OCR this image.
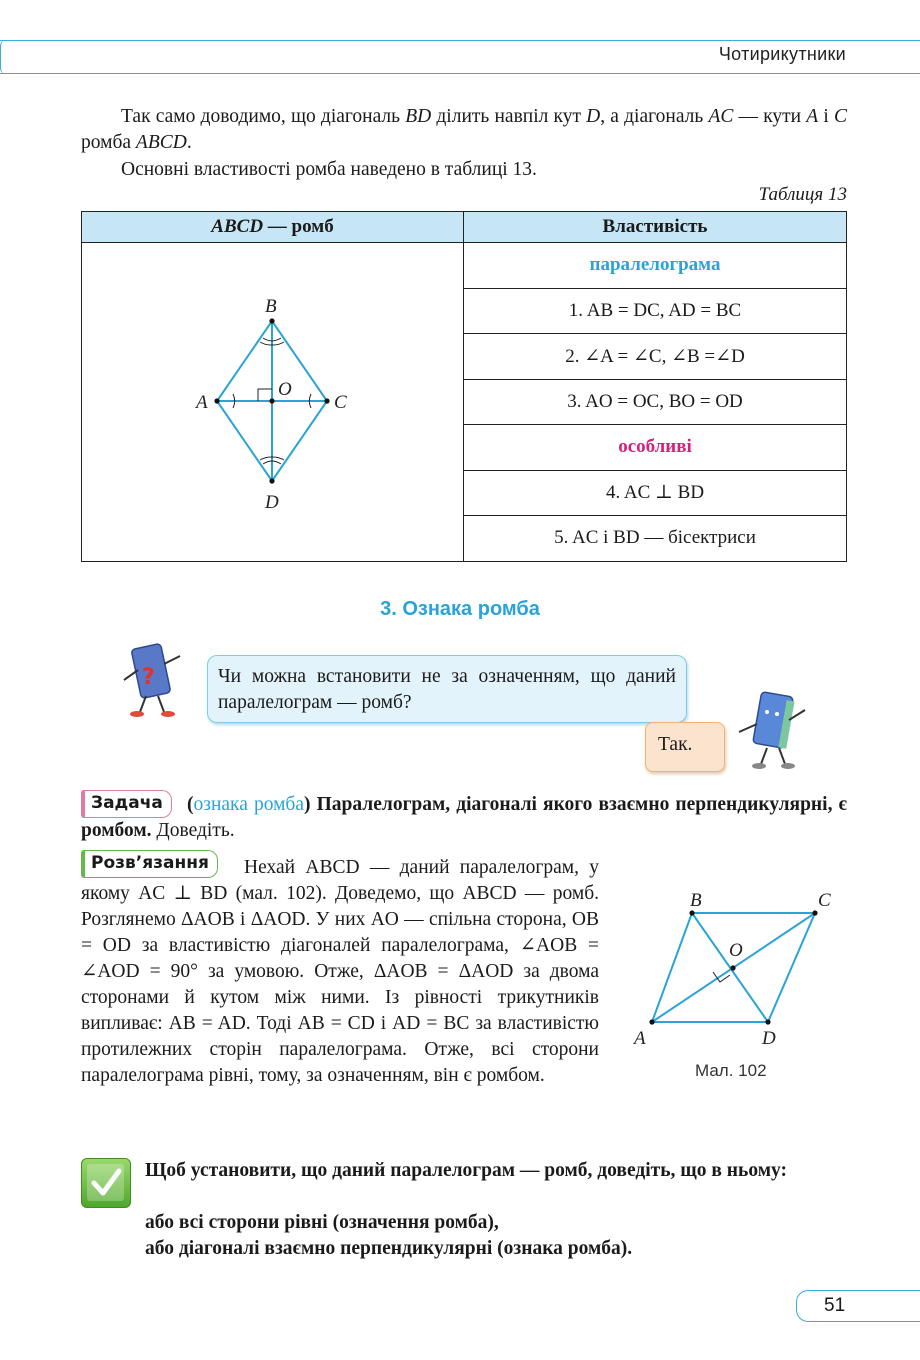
Чотирикутники
Так само доводимо, що діагональ BD ділить навпіл кут D, а діагональ AC — кути A і C ромба ABCD.
Основні властивості ромба наведено в таблиці 13.
Таблиця 13
ABCD — ромб	Властивість

B
A C
D
O	паралелограма
	1. AB = DC, AD = BC
	2. ∠A = ∠C, ∠B =∠D
	3. AO = OC, BO = OD
	особливі
	4. AC ⊥ BD
	5. AC і BD — бісектриси
3. Ознака ромба
?	Чи можна встановити не за означенням, що даний паралелограм — ромб?
Так.
Задача	(ознака ромба) Паралелограм, діагоналі якого взаємно перпендикулярні, є ромбом. Доведіть.
Розв’язання	Нехай ABCD — даний паралелограм, у якому AC ⊥ BD (мал. 102). Доведемо, що ABCD — ромб. Розглянемо ΔAOB і ΔAOD. У них AO — спільна сторона, OB = OD за властивістю діагоналей паралелограма, ∠AOB = ∠AOD = 90° за умовою. Отже, ΔAOB = ΔAOD за двома сторонами й кутом між ними. Із рівності трикутників випливає: AB = AD. Тоді AB = CD і AD = BC за властивістю протилежних сторін паралелограма. Отже, всі сторони паралелограма рівні, тому, за означенням, він є ромбом.
B	C
A	D
O
Мал. 102
Щоб установити, що даний паралелограм — ромб, доведіть, що в ньому:
або всі сторони рівні (означення ромба),
або діагоналі взаємно перпендикулярні (ознака ромба).
51
